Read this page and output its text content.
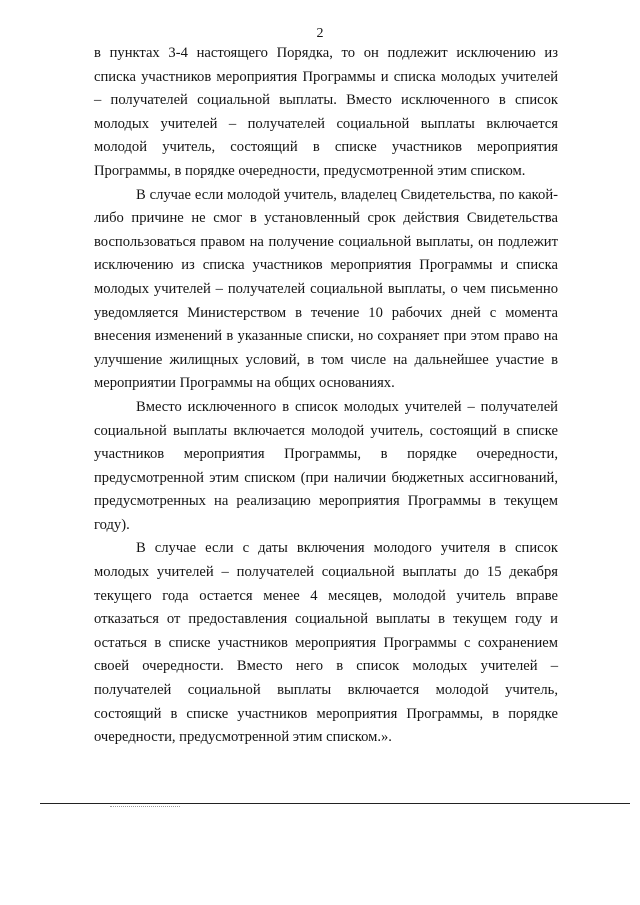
2

в пунктах 3-4 настоящего Порядка, то он подлежит исключению из списка участников мероприятия Программы и списка молодых учителей – получателей социальной выплаты. Вместо исключенного в список молодых учителей – получателей социальной выплаты включается молодой учитель, состоящий в списке участников мероприятия Программы, в порядке очередности, предусмотренной этим списком.

В случае если молодой учитель, владелец Свидетельства, по какой-либо причине не смог в установленный срок действия Свидетельства воспользоваться правом на получение социальной выплаты, он подлежит исключению из списка участников мероприятия Программы и списка молодых учителей – получателей социальной выплаты, о чем письменно уведомляется Министерством в течение 10 рабочих дней с момента внесения изменений в указанные списки, но сохраняет при этом право на улучшение жилищных условий, в том числе на дальнейшее участие в мероприятии Программы на общих основаниях.

Вместо исключенного в список молодых учителей – получателей социальной выплаты включается молодой учитель, состоящий в списке участников мероприятия Программы, в порядке очередности, предусмотренной этим списком (при наличии бюджетных ассигнований, предусмотренных на реализацию мероприятия Программы в текущем году).

В случае если с даты включения молодого учителя в список молодых учителей – получателей социальной выплаты до 15 декабря текущего года остается менее 4 месяцев, молодой учитель вправе отказаться от предоставления социальной выплаты в текущем году и остаться в списке участников мероприятия Программы с сохранением своей очередности. Вместо него в список молодых учителей – получателей социальной выплаты включается молодой учитель, состоящий в списке участников мероприятия Программы, в порядке очередности, предусмотренной этим списком.».
